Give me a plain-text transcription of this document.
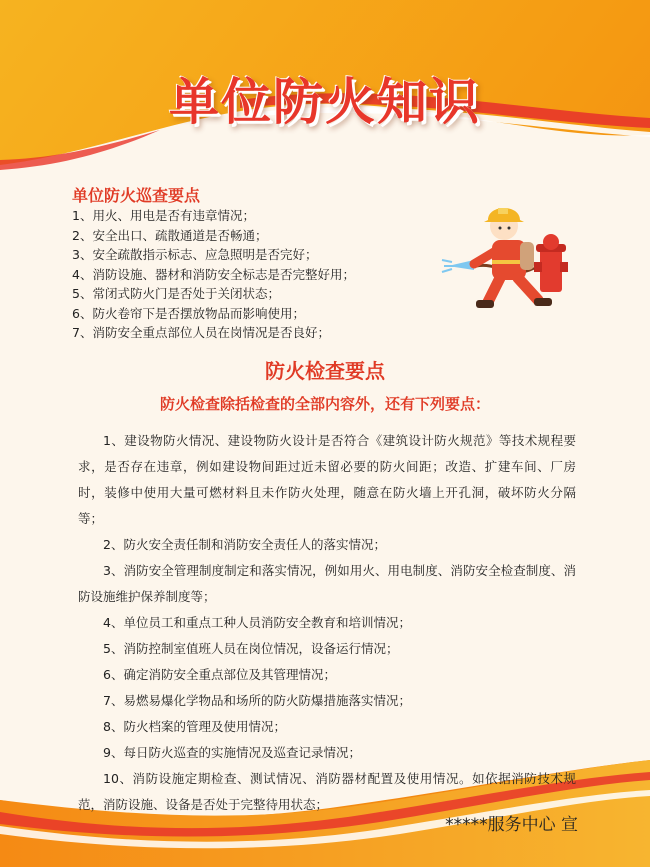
单位防火知识
单位防火巡查要点
1、用火、用电是否有违章情况；
2、安全出口、疏散通道是否畅通；
3、安全疏散指示标志、应急照明是否完好；
4、消防设施、器材和消防安全标志是否完整好用；
5、常闭式防火门是否处于关闭状态；
6、防火卷帘下是否摆放物品而影响使用；
7、消防安全重点部位人员在岗情况是否良好；
防火检查要点
防火检查除括检查的全部内容外，还有下列要点：
1、建设物防火情况、建设物防火设计是否符合《建筑设计防火规范》等技术规程要求，是否存在违章，例如建设物间距过近未留必要的防火间距；改造、扩建车间、厂房时，装修中使用大量可燃材料且未作防火处理，随意在防火墙上开孔洞，破坏防火分隔等；
2、防火安全责任制和消防安全责任人的落实情况；
3、消防安全管理制度制定和落实情况，例如用火、用电制度、消防安全检查制度、消防设施维护保养制度等；
4、单位员工和重点工种人员消防安全教育和培训情况；
5、消防控制室值班人员在岗位情况，设备运行情况；
6、确定消防安全重点部位及其管理情况；
7、易燃易爆化学物品和场所的防火防爆措施落实情况；
8、防火档案的管理及使用情况；
9、每日防火巡查的实施情况及巡查记录情况；
10、消防设施定期检查、测试情况、消防器材配置及使用情况。如依据消防技术规范，消防设施、设备是否处于完整待用状态；
*****服务中心 宣
